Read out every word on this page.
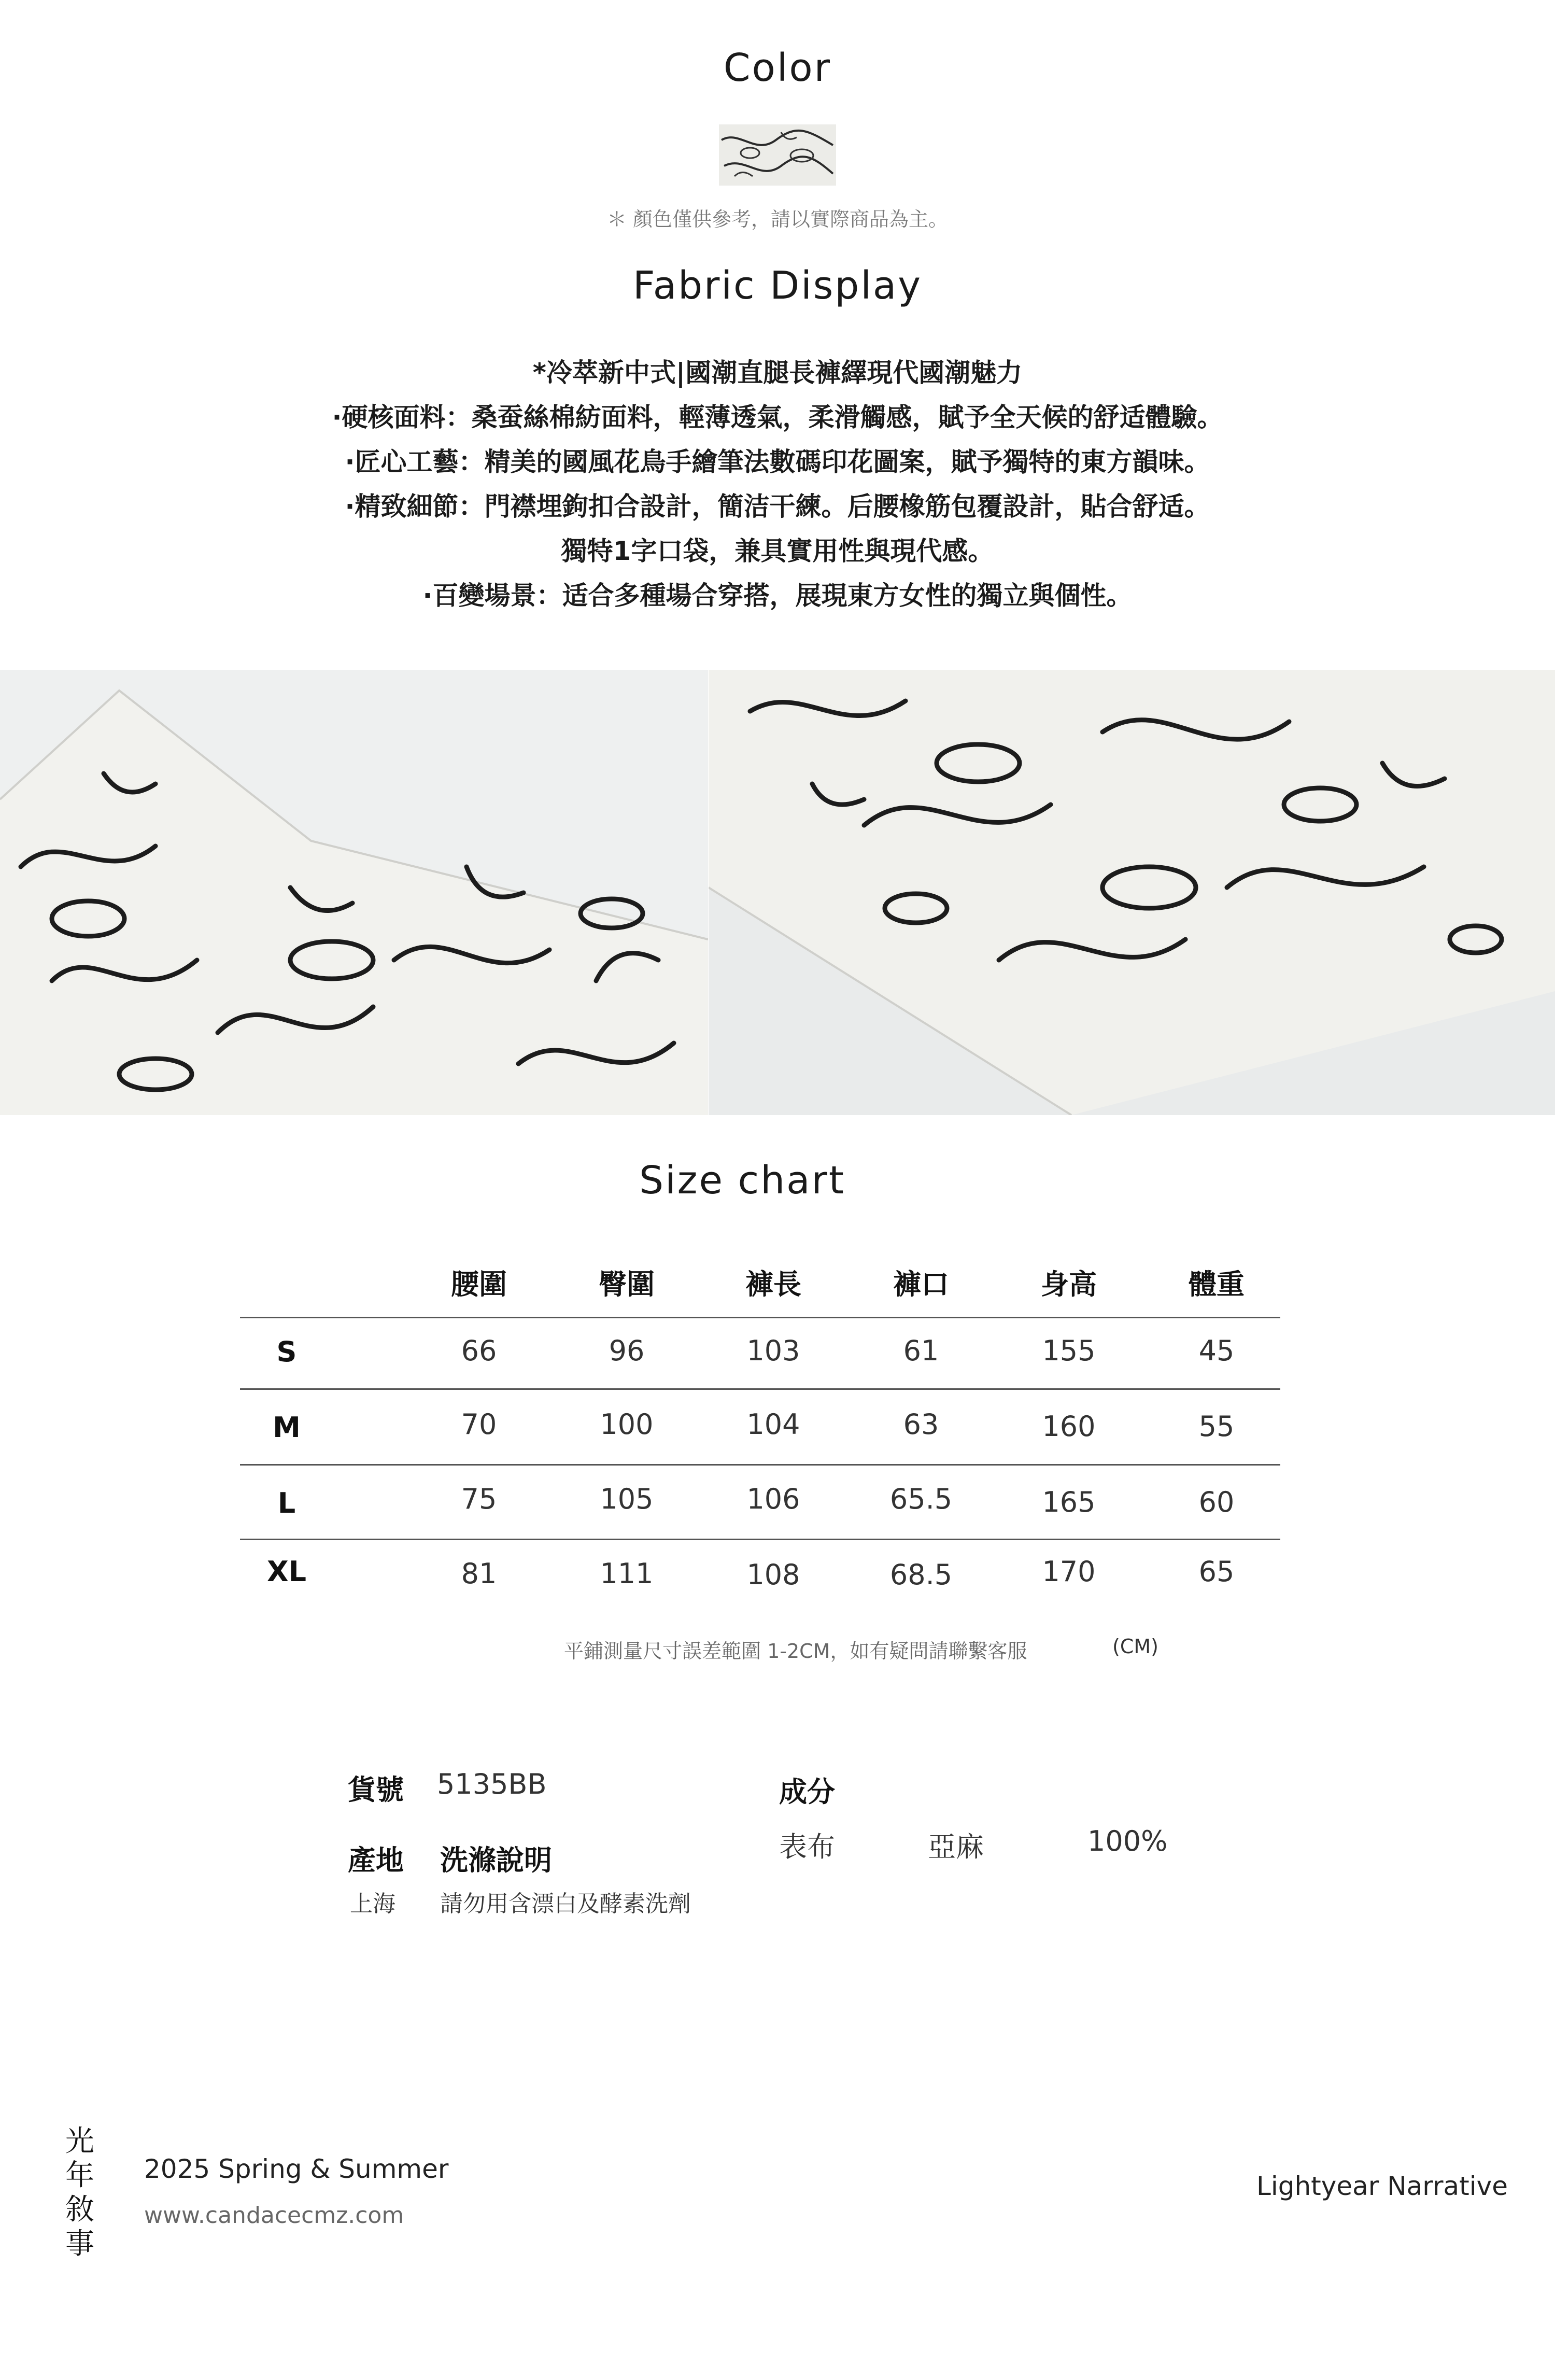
Color
＊ 顏色僅供參考，請以實際商品為主。
Fabric Display
*冷萃新中式|國潮直腿長褲繹現代國潮魅力
·硬核面料：桑蚕絲棉紡面料，輕薄透氣，柔滑觸感，賦予全天候的舒适體驗。
·匠心工藝：精美的國風花鳥手繪筆法數碼印花圖案，賦予獨特的東方韻味。
·精致細節：門襟埋鉤扣合設計，簡洁干練。后腰橡筋包覆設計，貼合舒适。
獨特1字口袋，兼具實用性與現代感。
·百變場景：适合多種場合穿搭，展現東方女性的獨立與個性。
Size chart
腰圍	臀圍	褲長	褲口	身高	體重
S	66	96	103	61	155	45
M	70	100	104	63	160	55
L	75	105	106	65.5	165	60
XL	81	111	108	68.5	170	65
平鋪測量尺寸誤差範圍 1-2CM，如有疑問請聯繫客服	(CM)
貨號 5135BB
產地 洗滌說明
上海 請勿用含漂白及酵素洗劑
成分
表布	亞麻	100%
光
年
敘
事
2025 Spring & Summer
www.candacecmz.com
Lightyear Narrative
